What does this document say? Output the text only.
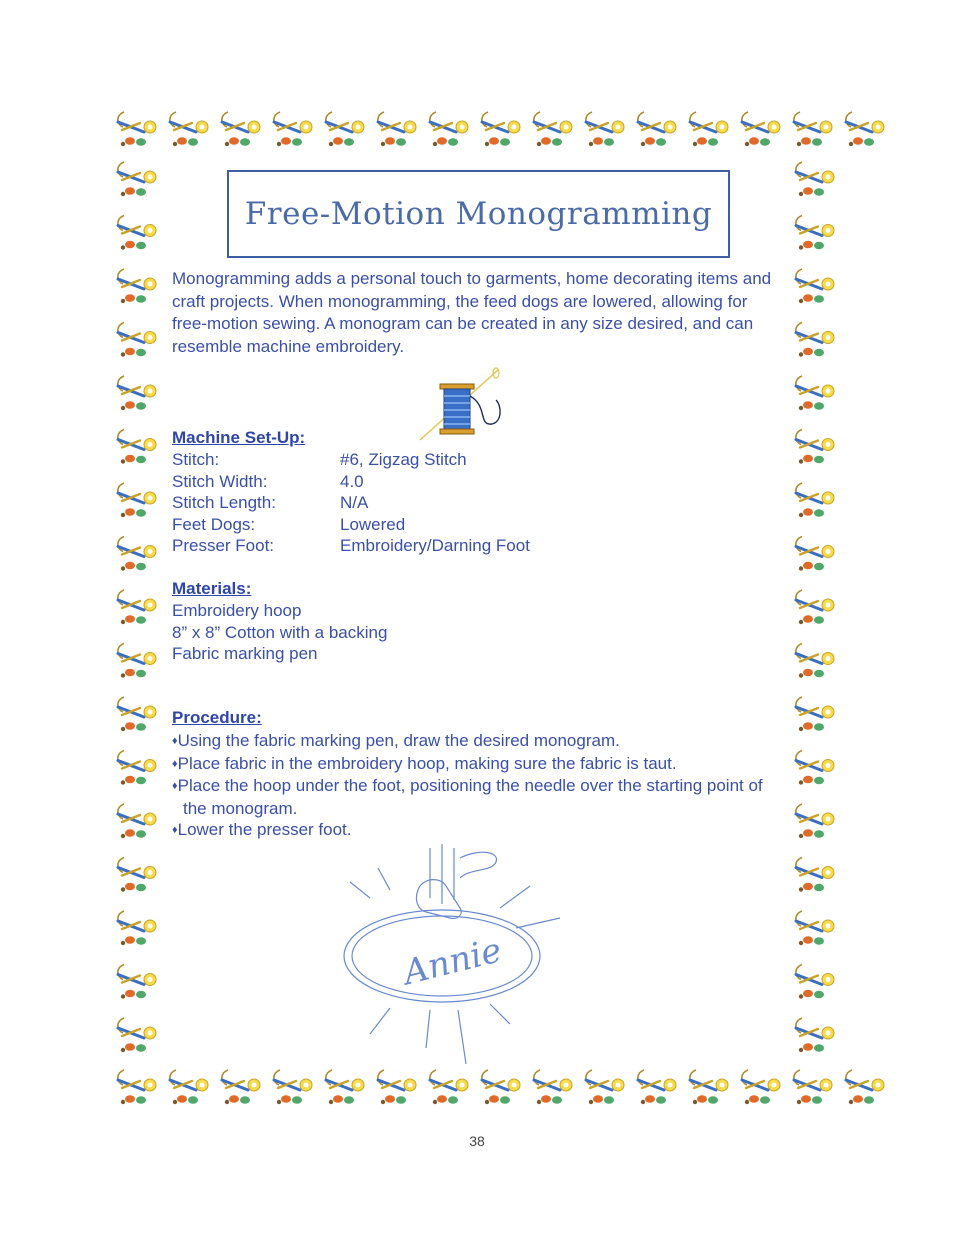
Free-Motion Monogramming
Monogramming adds a personal touch to garments, home decorating items and craft projects. When monogramming, the feed dogs are lowered, allowing for free-motion sewing. A monogram can be created in any size desired, and can resemble machine embroidery.
Machine Set-Up:
Stitch:	#6, Zigzag Stitch
Stitch Width:	4.0
Stitch Length:	N/A
Feet Dogs:	Lowered
Presser Foot:	Embroidery/Darning Foot
Materials:
Embroidery hoop
8” x 8” Cotton with a backing
Fabric marking pen
Procedure:
♦Using the fabric marking pen, draw the desired monogram.
♦Place fabric in the embroidery hoop, making sure the fabric is taut.
♦Place the hoop under the foot, positioning the needle over the starting point of the monogram.
♦Lower the presser foot.
Annie
38
